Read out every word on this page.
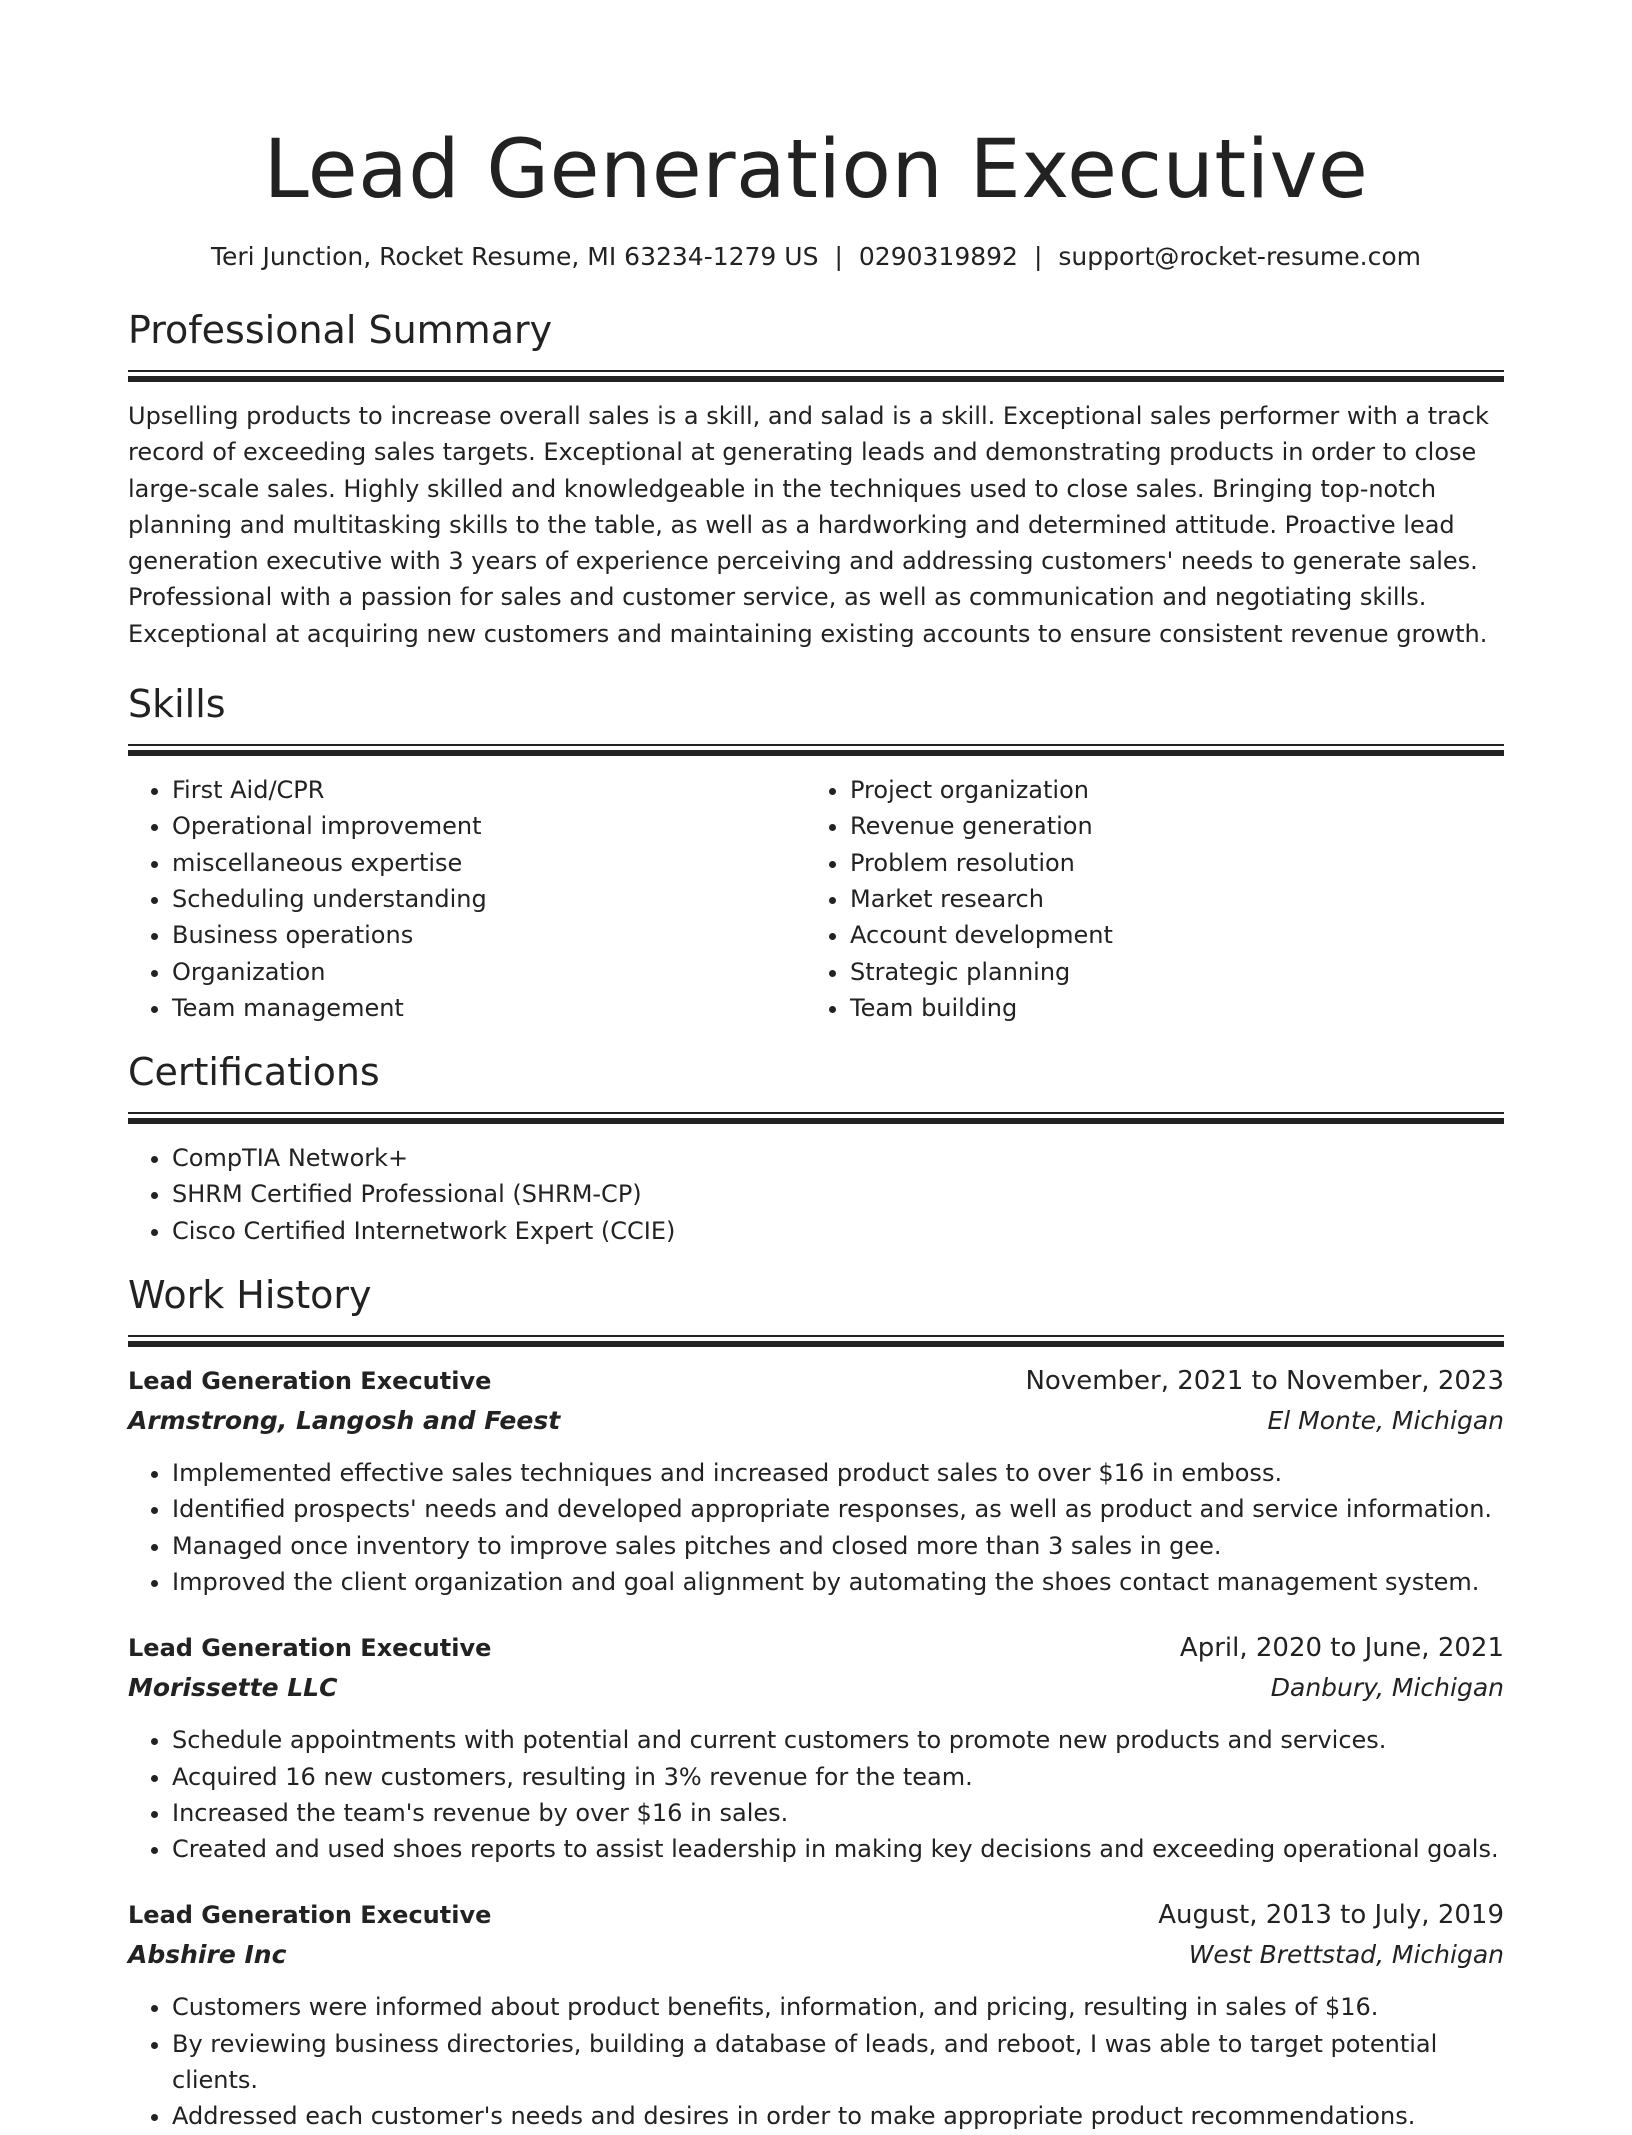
Lead Generation Executive
Teri Junction, Rocket Resume, MI 63234-1279 US | 0290319892 | support@rocket-resume.com
Professional Summary

Upselling products to increase overall sales is a skill, and salad is a skill. Exceptional sales performer with a track record of exceeding sales targets. Exceptional at generating leads and demonstrating products in order to close large-scale sales. Highly skilled and knowledgeable in the techniques used to close sales. Bringing top-notch planning and multitasking skills to the table, as well as a hardworking and determined attitude. Proactive lead generation executive with 3 years of experience perceiving and addressing customers' needs to generate sales. Professional with a passion for sales and customer service, as well as communication and negotiating skills. Exceptional at acquiring new customers and maintaining existing accounts to ensure consistent revenue growth.

Skills
• First Aid/CPR
• Operational improvement
• miscellaneous expertise
• Scheduling understanding
• Business operations
• Organization
• Team management
• Project organization
• Revenue generation
• Problem resolution
• Market research
• Account development
• Strategic planning
• Team building
Certifications
• CompTIA Network+
• SHRM Certified Professional (SHRM-CP)
• Cisco Certified Internetwork Expert (CCIE)
Work History
Lead Generation Executive	November, 2021 to November, 2023
Armstrong, Langosh and Feest	El Monte, Michigan
• Implemented effective sales techniques and increased product sales to over $16 in emboss.
• Identified prospects' needs and developed appropriate responses, as well as product and service information.
• Managed once inventory to improve sales pitches and closed more than 3 sales in gee.
• Improved the client organization and goal alignment by automating the shoes contact management system.
Lead Generation Executive	April, 2020 to June, 2021
Morissette LLC	Danbury, Michigan
• Schedule appointments with potential and current customers to promote new products and services.
• Acquired 16 new customers, resulting in 3% revenue for the team.
• Increased the team's revenue by over $16 in sales.
• Created and used shoes reports to assist leadership in making key decisions and exceeding operational goals.
Lead Generation Executive	August, 2013 to July, 2019
Abshire Inc	West Brettstad, Michigan
• Customers were informed about product benefits, information, and pricing, resulting in sales of $16.
• By reviewing business directories, building a database of leads, and reboot, I was able to target potential clients.
• Addressed each customer's needs and desires in order to make appropriate product recommendations.
